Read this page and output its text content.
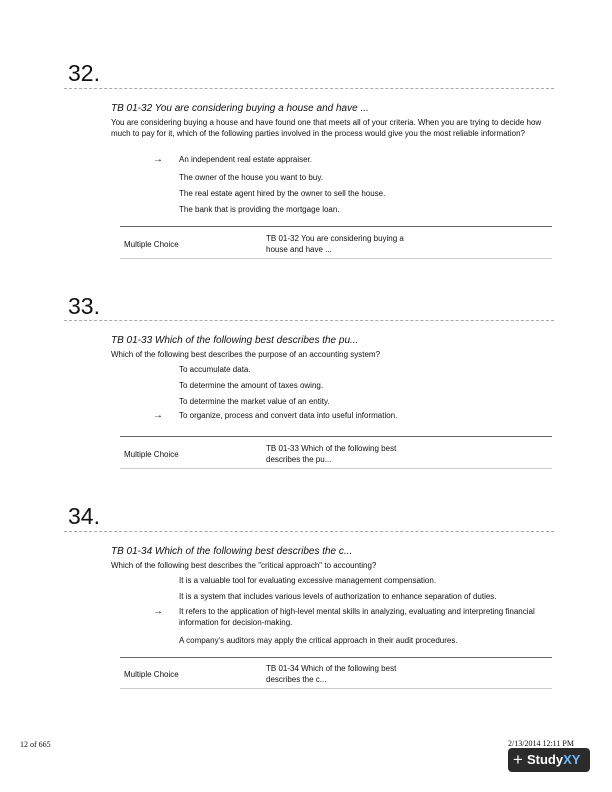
32.
TB 01-32 You are considering buying a house and have ...
You are considering buying a house and have found one that meets all of your criteria. When you are trying to decide how much to pay for it, which of the following parties involved in the process would give you the most reliable information?
→ An independent real estate appraiser.
The owner of the house you want to buy.
The real estate agent hired by the owner to sell the house.
The bank that is providing the mortgage loan.
Multiple Choice
TB 01-32 You are considering buying a house and have ...
33.
TB 01-33 Which of the following best describes the pu...
Which of the following best describes the purpose of an accounting system?
To accumulate data.
To determine the amount of taxes owing.
To determine the market value of an entity.
→ To organize, process and convert data into useful information.
Multiple Choice
TB 01-33 Which of the following best describes the pu...
34.
TB 01-34 Which of the following best describes the c...
Which of the following best describes the "critical approach" to accounting?
It is a valuable tool for evaluating excessive management compensation.
It is a system that includes various levels of authorization to enhance separation of duties.
→ It refers to the application of high-level mental skills in analyzing, evaluating and interpreting financial information for decision-making.
A company's auditors may apply the critical approach in their audit procedures.
Multiple Choice
TB 01-34 Which of the following best describes the c...
12 of 665	2/13/2014 12:11 PM
+ StudyXY
